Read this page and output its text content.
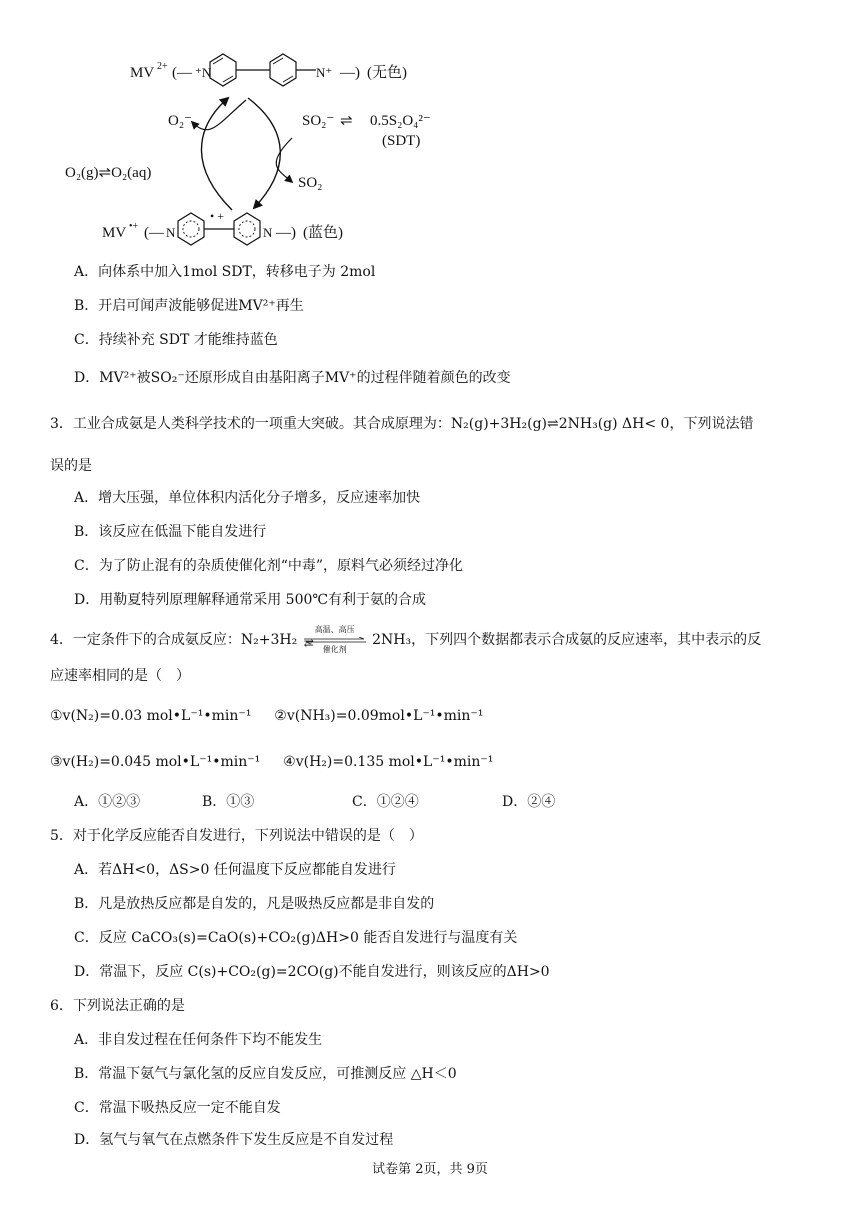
MV 2+ (— ⁺N	N⁺ —) (无色)
O₂⁻
O₂(g)⇌O₂(aq)
SO₂⁻ ⇌ 0.5S₂O₄²⁻
(SDT)
SO₂
MV •+ (— N
• +
N —) (蓝色)
A．向体系中加入1mol SDT，转移电子为 2mol
B．开启可闻声波能够促进MV²⁺再生
C．持续补充 SDT 才能维持蓝色
D．MV²⁺被SO₂⁻还原形成自由基阳离子MV⁺的过程伴随着颜色的改变
3．工业合成氨是人类科学技术的一项重大突破。其合成原理为：N₂(g)+3H₂(g)⇌2NH₃(g) ΔH< 0，下列说法错
误的是
A．增大压强，单位体积内活化分子增多，反应速率加快
B．该反应在低温下能自发进行
C．为了防止混有的杂质使催化剂“中毒”，原料气必须经过净化
D．用勒夏特列原理解释通常采用 500℃有利于氨的合成
4．一定条件下的合成氨反应：N₂+3H₂
高温、高压
⇄	催化剂
2NH₃，下列四个数据都表示合成氨的反应速率，其中表示的反
应速率相同的是（　）
①v(N₂)=0.03 mol•L⁻¹•min⁻¹ ②v(NH₃)=0.09mol•L⁻¹•min⁻¹
③v(H₂)=0.045 mol•L⁻¹•min⁻¹ ④v(H₂)=0.135 mol•L⁻¹•min⁻¹
A．①②③	B．①③	C．①②④	D．②④
5．对于化学反应能否自发进行，下列说法中错误的是（　）
A．若ΔH<0，ΔS>0 任何温度下反应都能自发进行
B．凡是放热反应都是自发的，凡是吸热反应都是非自发的
C．反应 CaCO₃(s)=CaO(s)+CO₂(g)ΔH>0 能否自发进行与温度有关
D．常温下，反应 C(s)+CO₂(g)=2CO(g)不能自发进行，则该反应的ΔH>0
6．下列说法正确的是
A．非自发过程在任何条件下均不能发生
B．常温下氨气与氯化氢的反应自发反应，可推测反应 △H＜0
C．常温下吸热反应一定不能自发
D．氢气与氧气在点燃条件下发生反应是不自发过程
试卷第 2页，共 9页
